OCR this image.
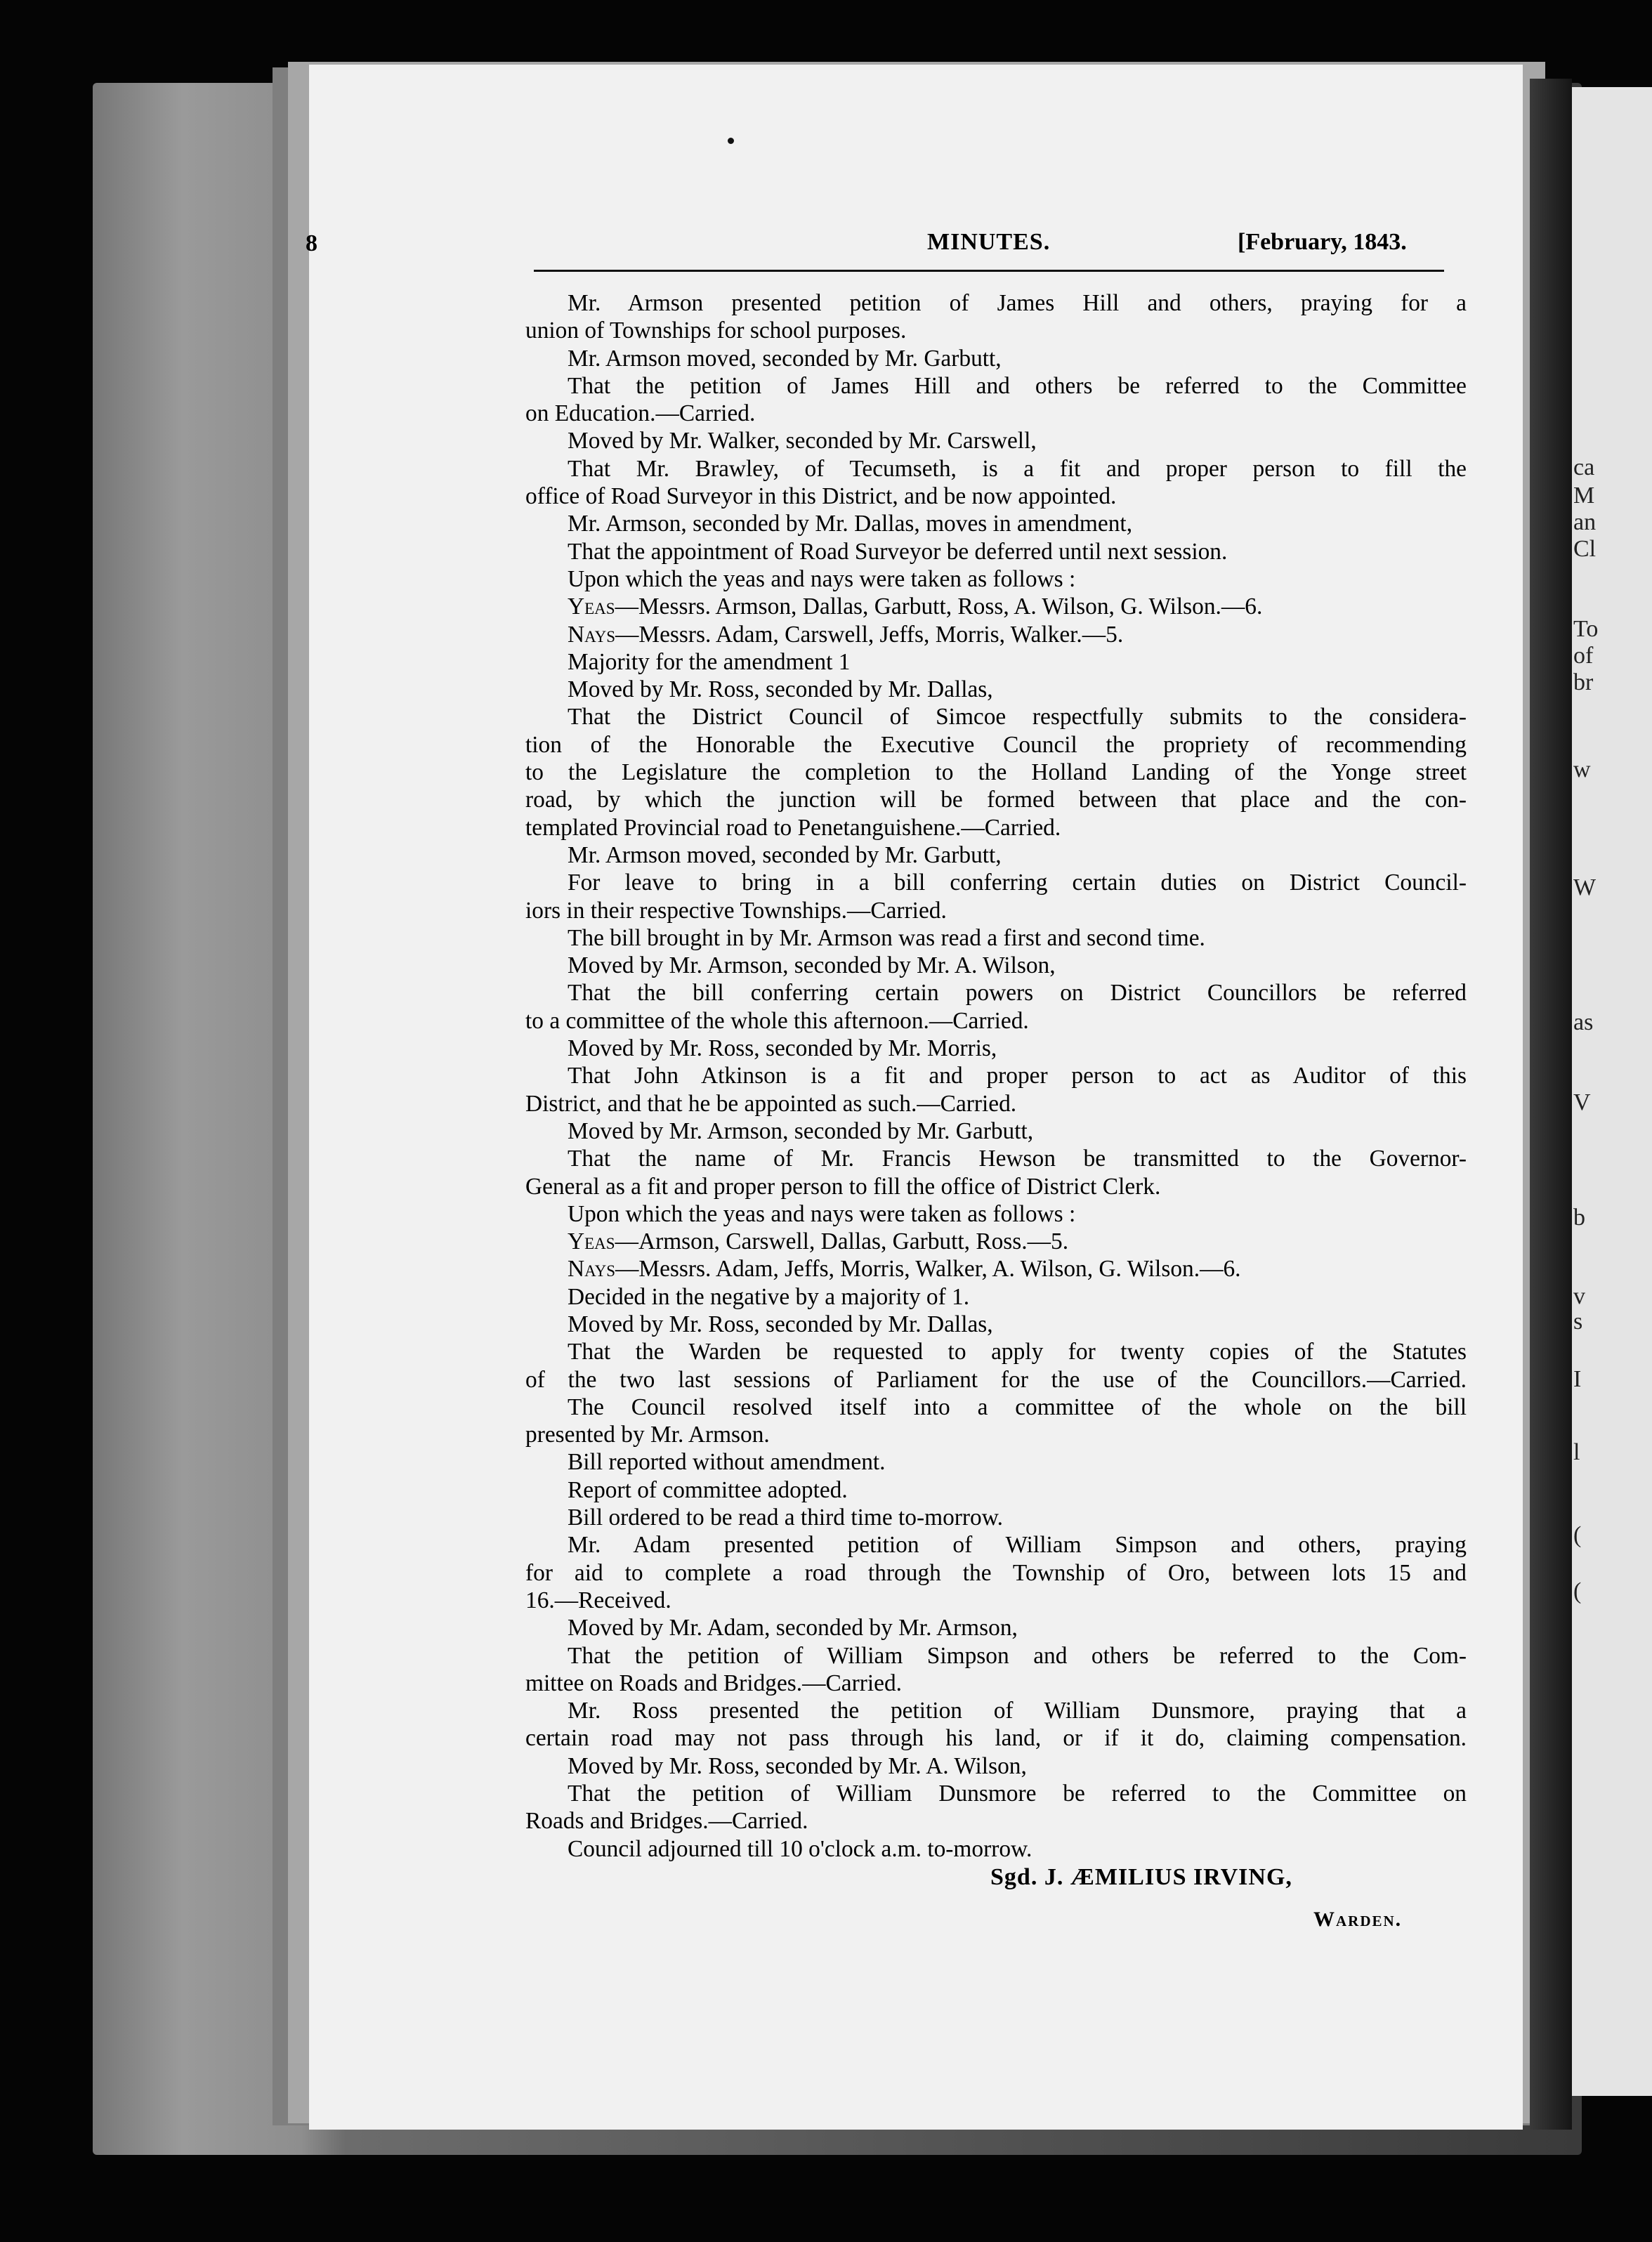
ca
M
an
Cl
To
of
br
w
W
as
V
b
v
s
I
l
(
(
8	MINUTES.	[February, 1843.
Mr. Armson presented petition of James Hill and others, praying for a
union of Townships for school purposes.
Mr. Armson moved, seconded by Mr. Garbutt,
That the petition of James Hill and others be referred to the Committee
on Education.—Carried.
Moved by Mr. Walker, seconded by Mr. Carswell,
That Mr. Brawley, of Tecumseth, is a fit and proper person to fill the
office of Road Surveyor in this District, and be now appointed.
Mr. Armson, seconded by Mr. Dallas, moves in amendment,
That the appointment of Road Surveyor be deferred until next session.
Upon which the yeas and nays were taken as follows :
Yeas—Messrs. Armson, Dallas, Garbutt, Ross, A. Wilson, G. Wilson.—6.
Nays—Messrs. Adam, Carswell, Jeffs, Morris, Walker.—5.
Majority for the amendment 1
Moved by Mr. Ross, seconded by Mr. Dallas,
That the District Council of Simcoe respectfully submits to the considera-
tion of the Honorable the Executive Council the propriety of recommending
to the Legislature the completion to the Holland Landing of the Yonge street
road, by which the junction will be formed between that place and the con-
templated Provincial road to Penetanguishene.—Carried.
Mr. Armson moved, seconded by Mr. Garbutt,
For leave to bring in a bill conferring certain duties on District Council-
iors in their respective Townships.—Carried.
The bill brought in by Mr. Armson was read a first and second time.
Moved by Mr. Armson, seconded by Mr. A. Wilson,
That the bill conferring certain powers on District Councillors be referred
to a committee of the whole this afternoon.—Carried.
Moved by Mr. Ross, seconded by Mr. Morris,
That John Atkinson is a fit and proper person to act as Auditor of this
District, and that he be appointed as such.—Carried.
Moved by Mr. Armson, seconded by Mr. Garbutt,
That the name of Mr. Francis Hewson be transmitted to the Governor-
General as a fit and proper person to fill the office of District Clerk.
Upon which the yeas and nays were taken as follows :
Yeas—Armson, Carswell, Dallas, Garbutt, Ross.—5.
Nays—Messrs. Adam, Jeffs, Morris, Walker, A. Wilson, G. Wilson.—6.
Decided in the negative by a majority of 1.
Moved by Mr. Ross, seconded by Mr. Dallas,
That the Warden be requested to apply for twenty copies of the Statutes
of the two last sessions of Parliament for the use of the Councillors.—Carried.
The Council resolved itself into a committee of the whole on the bill
presented by Mr. Armson.
Bill reported without amendment.
Report of committee adopted.
Bill ordered to be read a third time to-morrow.
Mr. Adam presented petition of William Simpson and others, praying
for aid to complete a road through the Township of Oro, between lots 15 and
16.—Received.
Moved by Mr. Adam, seconded by Mr. Armson,
That the petition of William Simpson and others be referred to the Com-
mittee on Roads and Bridges.—Carried.
Mr. Ross presented the petition of William Dunsmore, praying that a
certain road may not pass through his land, or if it do, claiming compensation.
Moved by Mr. Ross, seconded by Mr. A. Wilson,
That the petition of William Dunsmore be referred to the Committee on
Roads and Bridges.—Carried.
Council adjourned till 10 o'clock a.m. to-morrow.
Sgd. J. ÆMILIUS IRVING,
Warden.
